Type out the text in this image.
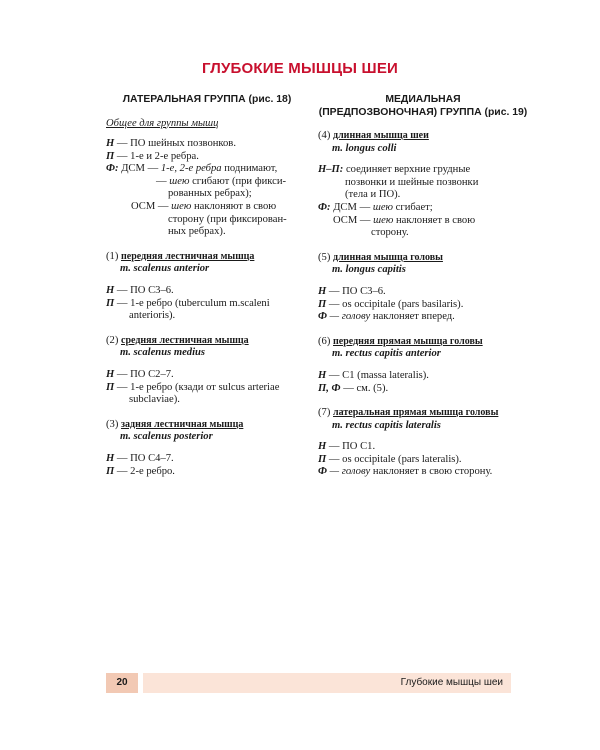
ГЛУБОКИЕ МЫШЦЫ ШЕИ
ЛАТЕРАЛЬНАЯ ГРУППА (рис. 18)
Общее для группы мышц
Н
— ПО шейных позвонков.
П
— 1-е и 2-е ребра.
Ф:
ДСМ —
1-е, 2-е ребра
поднимают,
— шею сгибают (при фикси-
рованных ребрах);
ОСМ — шею наклоняют в свою
сторону (при фиксирован-
ных ребрах).
(1) передняя лестничная мышца
m. scalenus anterior
Н
— ПО С3–6.
П
— 1-е ребро (tuberculum m.scaleni
anterioris).
(2) средняя лестничная мышца
m. scalenus medius
Н
— ПО С2–7.
П
— 1-е ребро (кзади от sulcus arteriae
subclaviae).
(3) задняя лестничная мышца
m. scalenus posterior
Н
— ПО С4–7.
П
— 2-е ребро.
МЕДИАЛЬНАЯ
(ПРЕДПОЗВОНОЧНАЯ) ГРУППА (рис. 19)
(4) длинная мышца шеи
m. longus colli
Н–П:
соединяет верхние грудные
позвонки и шейные позвонки
(тела и ПО).
Ф:
ДСМ —
шею
сгибает;
ОСМ — шею наклоняет в свою
сторону.
(5) длинная мышца головы
m. longus capitis
Н
— ПО С3–6.
П
— os occipitale (pars basilaris).
Ф
— голову
наклоняет вперед.
(6) передняя прямая мышца головы
m. rectus capitis anterior
Н
— С1 (massa lateralis).
П, Ф
— см. (5).
(7) латеральная прямая мышца головы
m. rectus capitis lateralis
Н
— ПО С1.
П
— os occipitale (pars lateralis).
Ф
— голову
наклоняет в свою сторону.
20	Глубокие мышцы шеи
